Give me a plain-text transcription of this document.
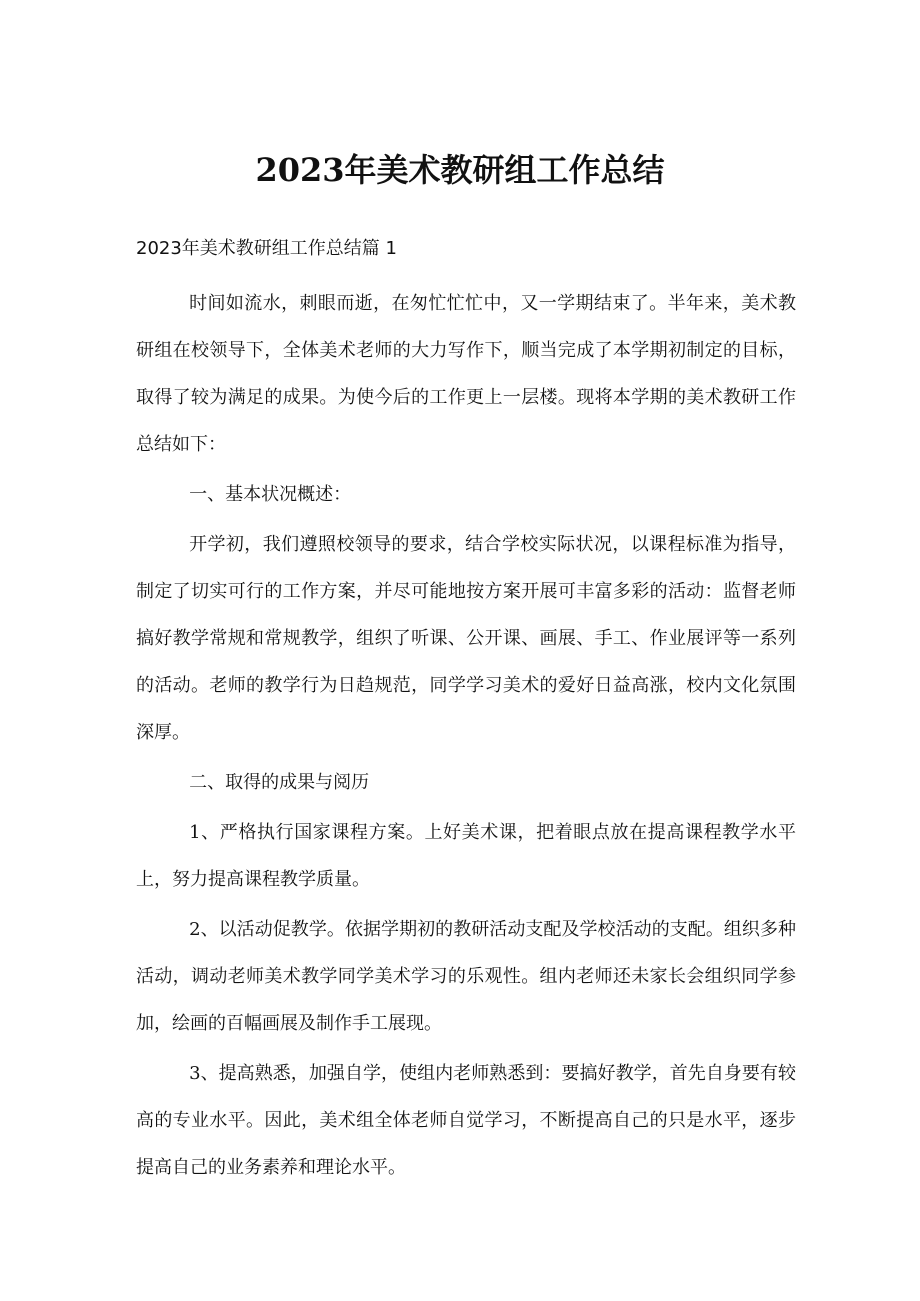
2023年美术教研组工作总结

2023年美术教研组工作总结篇 1

时间如流水，刺眼而逝，在匆忙忙忙中，又一学期结束了。半年来，美术教研组在校领导下，全体美术老师的大力写作下，顺当完成了本学期初制定的目标，取得了较为满足的成果。为使今后的工作更上一层楼。现将本学期的美术教研工作总结如下：

一、基本状况概述：

开学初，我们遵照校领导的要求，结合学校实际状况，以课程标准为指导，制定了切实可行的工作方案，并尽可能地按方案开展可丰富多彩的活动：监督老师搞好教学常规和常规教学，组织了听课、公开课、画展、手工、作业展评等一系列的活动。老师的教学行为日趋规范，同学学习美术的爱好日益高涨，校内文化氛围深厚。

二、取得的成果与阅历

1、严格执行国家课程方案。上好美术课，把着眼点放在提高课程教学水平上，努力提高课程教学质量。

2、以活动促教学。依据学期初的教研活动支配及学校活动的支配。组织多种活动，调动老师美术教学同学美术学习的乐观性。组内老师还未家长会组织同学参加，绘画的百幅画展及制作手工展现。

3、提高熟悉，加强自学，使组内老师熟悉到：要搞好教学，首先自身要有较高的专业水平。因此，美术组全体老师自觉学习，不断提高自己的只是水平，逐步提高自己的业务素养和理论水平。
